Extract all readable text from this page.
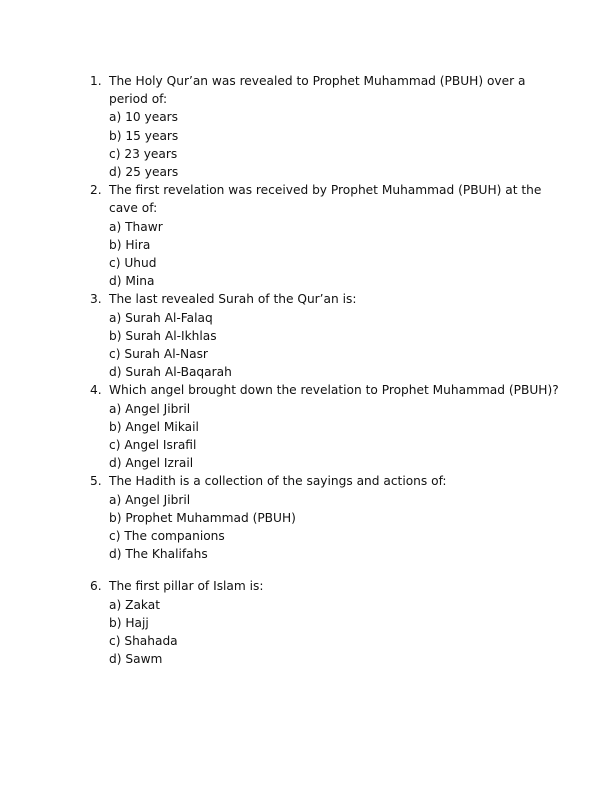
1. The Holy Qur’an was revealed to Prophet Muhammad (PBUH) over a period of:
a) 10 years
b) 15 years
c) 23 years
d) 25 years
2. The first revelation was received by Prophet Muhammad (PBUH) at the cave of:
a) Thawr
b) Hira
c) Uhud
d) Mina
3. The last revealed Surah of the Qur’an is:
a) Surah Al-Falaq
b) Surah Al-Ikhlas
c) Surah Al-Nasr
d) Surah Al-Baqarah
4. Which angel brought down the revelation to Prophet Muhammad (PBUH)?
a) Angel Jibril
b) Angel Mikail
c) Angel Israfil
d) Angel Izrail
5. The Hadith is a collection of the sayings and actions of:
a) Angel Jibril
b) Prophet Muhammad (PBUH)
c) The companions
d) The Khalifahs
6. The first pillar of Islam is:
a) Zakat
b) Hajj
c) Shahada
d) Sawm
